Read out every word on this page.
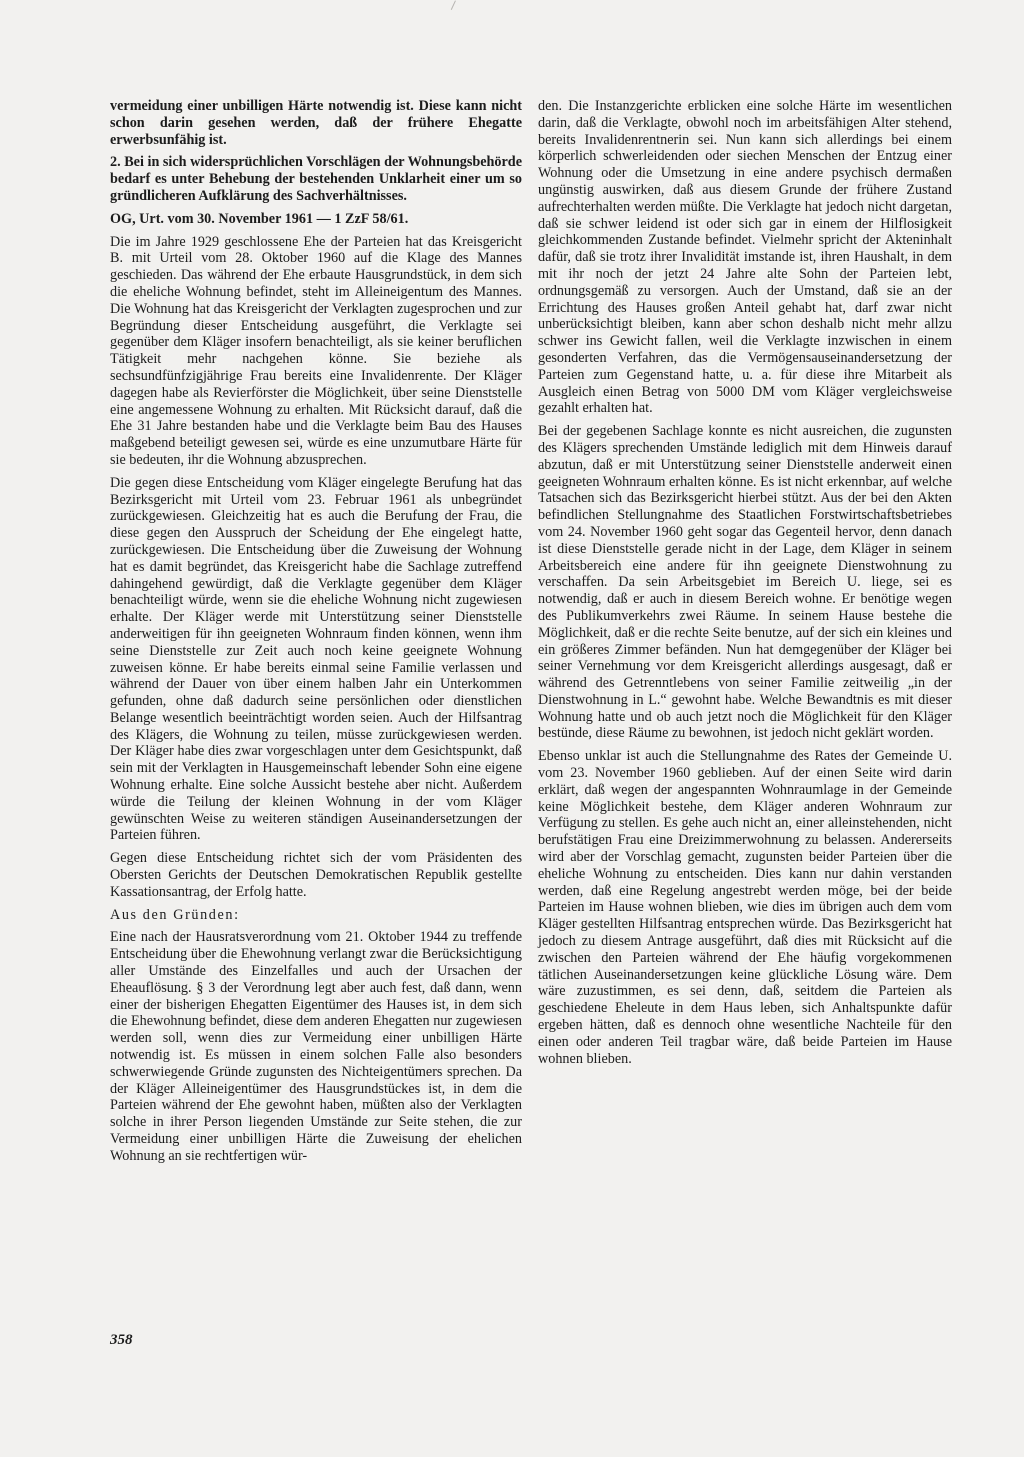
vermeidung einer unbilligen Härte notwendig ist. Diese kann nicht schon darin gesehen werden, daß der frühere Ehegatte erwerbsunfähig ist.

2. Bei in sich widersprüchlichen Vorschlägen der Wohnungsbehörde bedarf es unter Behebung der bestehenden Unklarheit einer um so gründlicheren Aufklärung des Sachverhältnisses.

OG, Urt. vom 30. November 1961 — 1 ZzF 58/61.

Die im Jahre 1929 geschlossene Ehe der Parteien hat das Kreisgericht B. mit Urteil vom 28. Oktober 1960 auf die Klage des Mannes geschieden. Das während der Ehe erbaute Hausgrundstück, in dem sich die eheliche Wohnung befindet, steht im Alleineigentum des Mannes. Die Wohnung hat das Kreisgericht der Verklagten zugesprochen und zur Begründung dieser Entscheidung ausgeführt, die Verklagte sei gegenüber dem Kläger insofern benachteiligt, als sie keiner beruflichen Tätigkeit mehr nachgehen könne. Sie beziehe als sechsundfünfzigjährige Frau bereits eine Invalidenrente. Der Kläger dagegen habe als Revierförster die Möglichkeit, über seine Dienststelle eine angemessene Wohnung zu erhalten. Mit Rücksicht darauf, daß die Ehe 31 Jahre bestanden habe und die Verklagte beim Bau des Hauses maßgebend beteiligt gewesen sei, würde es eine unzumutbare Härte für sie bedeuten, ihr die Wohnung abzusprechen.

Die gegen diese Entscheidung vom Kläger eingelegte Berufung hat das Bezirksgericht mit Urteil vom 23. Februar 1961 als unbegründet zurückgewiesen. Gleichzeitig hat es auch die Berufung der Frau, die diese gegen den Ausspruch der Scheidung der Ehe eingelegt hatte, zurückgewiesen. Die Entscheidung über die Zuweisung der Wohnung hat es damit begründet, das Kreisgericht habe die Sachlage zutreffend dahingehend gewürdigt, daß die Verklagte gegenüber dem Kläger benachteiligt würde, wenn sie die eheliche Wohnung nicht zugewiesen erhalte. Der Kläger werde mit Unterstützung seiner Dienststelle anderweitigen für ihn geeigneten Wohnraum finden können, wenn ihm seine Dienststelle zur Zeit auch noch keine geeignete Wohnung zuweisen könne. Er habe bereits einmal seine Familie verlassen und während der Dauer von über einem halben Jahr ein Unterkommen gefunden, ohne daß dadurch seine persönlichen oder dienstlichen Belange wesentlich beeinträchtigt worden seien. Auch der Hilfsantrag des Klägers, die Wohnung zu teilen, müsse zurückgewiesen werden. Der Kläger habe dies zwar vorgeschlagen unter dem Gesichtspunkt, daß sein mit der Verklagten in Hausgemeinschaft lebender Sohn eine eigene Wohnung erhalte. Eine solche Aussicht bestehe aber nicht. Außerdem würde die Teilung der kleinen Wohnung in der vom Kläger gewünschten Weise zu weiteren ständigen Auseinandersetzungen der Parteien führen.

Gegen diese Entscheidung richtet sich der vom Präsidenten des Obersten Gerichts der Deutschen Demokratischen Republik gestellte Kassationsantrag, der Erfolg hatte.

Aus den Gründen:

Eine nach der Hausratsverordnung vom 21. Oktober 1944 zu treffende Entscheidung über die Ehewohnung verlangt zwar die Berücksichtigung aller Umstände des Einzelfalles und auch der Ursachen der Eheauflösung. § 3 der Verordnung legt aber auch fest, daß dann, wenn einer der bisherigen Ehegatten Eigentümer des Hauses ist, in dem sich die Ehewohnung befindet, diese dem anderen Ehegatten nur zugewiesen werden soll, wenn dies zur Vermeidung einer unbilligen Härte notwendig ist. Es müssen in einem solchen Falle also besonders schwerwiegende Gründe zugunsten des Nichteigentümers sprechen. Da der Kläger Alleineigentümer des Hausgrundstückes ist, in dem die Parteien während der Ehe gewohnt haben, müßten also der Verklagten solche in ihrer Person liegenden Umstände zur Seite stehen, die zur Vermeidung einer unbilligen Härte die Zuweisung der ehelichen Wohnung an sie rechtfertigen wür-

den. Die Instanzgerichte erblicken eine solche Härte im wesentlichen darin, daß die Verklagte, obwohl noch im arbeitsfähigen Alter stehend, bereits Invalidenrentnerin sei. Nun kann sich allerdings bei einem körperlich schwerleidenden oder siechen Menschen der Entzug einer Wohnung oder die Umsetzung in eine andere psychisch dermaßen ungünstig auswirken, daß aus diesem Grunde der frühere Zustand aufrechterhalten werden müßte. Die Verklagte hat jedoch nicht dargetan, daß sie schwer leidend ist oder sich gar in einem der Hilflosigkeit gleichkommenden Zustande befindet. Vielmehr spricht der Akteninhalt dafür, daß sie trotz ihrer Invalidität imstande ist, ihren Haushalt, in dem mit ihr noch der jetzt 24 Jahre alte Sohn der Parteien lebt, ordnungsgemäß zu versorgen. Auch der Umstand, daß sie an der Errichtung des Hauses großen Anteil gehabt hat, darf zwar nicht unberücksichtigt bleiben, kann aber schon deshalb nicht mehr allzu schwer ins Gewicht fallen, weil die Verklagte inzwischen in einem gesonderten Verfahren, das die Vermögensauseinandersetzung der Parteien zum Gegenstand hatte, u. a. für diese ihre Mitarbeit als Ausgleich einen Betrag von 5000 DM vom Kläger vergleichsweise gezahlt erhalten hat.

Bei der gegebenen Sachlage konnte es nicht ausreichen, die zugunsten des Klägers sprechenden Umstände lediglich mit dem Hinweis darauf abzutun, daß er mit Unterstützung seiner Dienststelle anderweit einen geeigneten Wohnraum erhalten könne. Es ist nicht erkennbar, auf welche Tatsachen sich das Bezirksgericht hierbei stützt. Aus der bei den Akten befindlichen Stellungnahme des Staatlichen Forstwirtschaftsbetriebes vom 24. November 1960 geht sogar das Gegenteil hervor, denn danach ist diese Dienststelle gerade nicht in der Lage, dem Kläger in seinem Arbeitsbereich eine andere für ihn geeignete Dienstwohnung zu verschaffen. Da sein Arbeitsgebiet im Bereich U. liege, sei es notwendig, daß er auch in diesem Bereich wohne. Er benötige wegen des Publikumverkehrs zwei Räume. In seinem Hause bestehe die Möglichkeit, daß er die rechte Seite benutze, auf der sich ein kleines und ein größeres Zimmer befänden. Nun hat demgegenüber der Kläger bei seiner Vernehmung vor dem Kreisgericht allerdings ausgesagt, daß er während des Getrenntlebens von seiner Familie zeitweilig „in der Dienstwohnung in L.“ gewohnt habe. Welche Bewandtnis es mit dieser Wohnung hatte und ob auch jetzt noch die Möglichkeit für den Kläger bestünde, diese Räume zu bewohnen, ist jedoch nicht geklärt worden.

Ebenso unklar ist auch die Stellungnahme des Rates der Gemeinde U. vom 23. November 1960 geblieben. Auf der einen Seite wird darin erklärt, daß wegen der angespannten Wohnraumlage in der Gemeinde keine Möglichkeit bestehe, dem Kläger anderen Wohnraum zur Verfügung zu stellen. Es gehe auch nicht an, einer alleinstehenden, nicht berufstätigen Frau eine Dreizimmerwohnung zu belassen. Andererseits wird aber der Vorschlag gemacht, zugunsten beider Parteien über die eheliche Wohnung zu entscheiden. Dies kann nur dahin verstanden werden, daß eine Regelung angestrebt werden möge, bei der beide Parteien im Hause wohnen blieben, wie dies im übrigen auch dem vom Kläger gestellten Hilfsantrag entsprechen würde. Das Bezirksgericht hat jedoch zu diesem Antrage ausgeführt, daß dies mit Rücksicht auf die zwischen den Parteien während der Ehe häufig vorgekommenen tätlichen Auseinandersetzungen keine glückliche Lösung wäre. Dem wäre zuzustimmen, es sei denn, daß, seitdem die Parteien als geschiedene Eheleute in dem Haus leben, sich Anhaltspunkte dafür ergeben hätten, daß es dennoch ohne wesentliche Nachteile für den einen oder anderen Teil tragbar wäre, daß beide Parteien im Hause wohnen blieben.

358
